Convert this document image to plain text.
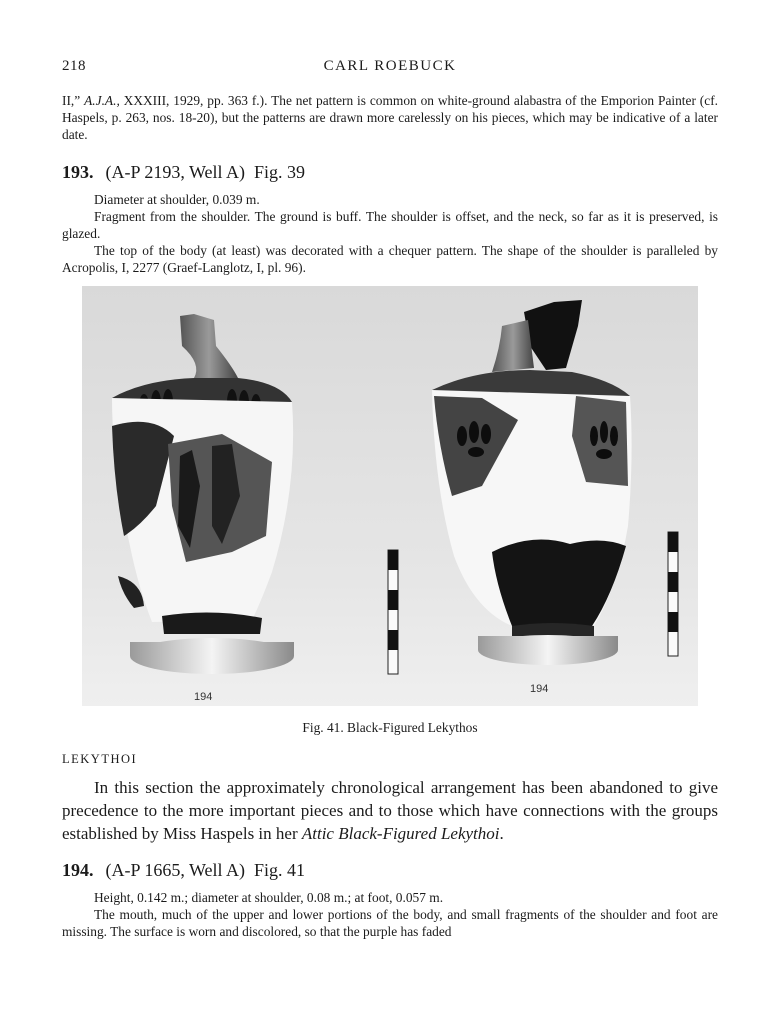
218	CARL ROEBUCK

II,” A.J.A., XXXIII, 1929, pp. 363 f.). The net pattern is common on white-ground alabastra of the Emporion Painter (cf. Haspels, p. 263, nos. 18-20), but the patterns are drawn more carelessly on his pieces, which may be indicative of a later date.

193. (A-P 2193, Well A) Fig. 39

Diameter at shoulder, 0.039 m.

Fragment from the shoulder. The ground is buff. The shoulder is offset, and the neck, so far as it is preserved, is glazed.

The top of the body (at least) was decorated with a chequer pattern. The shape of the shoulder is paralleled by Acropolis, I, 2277 (Graef-Langlotz, I, pl. 96).

194
194
Fig. 41. Black-Figured Lekythos
LEKYTHOI

In this section the approximately chronological arrangement has been abandoned to give precedence to the more important pieces and to those which have connections with the groups established by Miss Haspels in her Attic Black-Figured Lekythoi.

194. (A-P 1665, Well A) Fig. 41

Height, 0.142 m.; diameter at shoulder, 0.08 m.; at foot, 0.057 m.

The mouth, much of the upper and lower portions of the body, and small fragments of the shoulder and foot are missing. The surface is worn and discolored, so that the purple has faded
